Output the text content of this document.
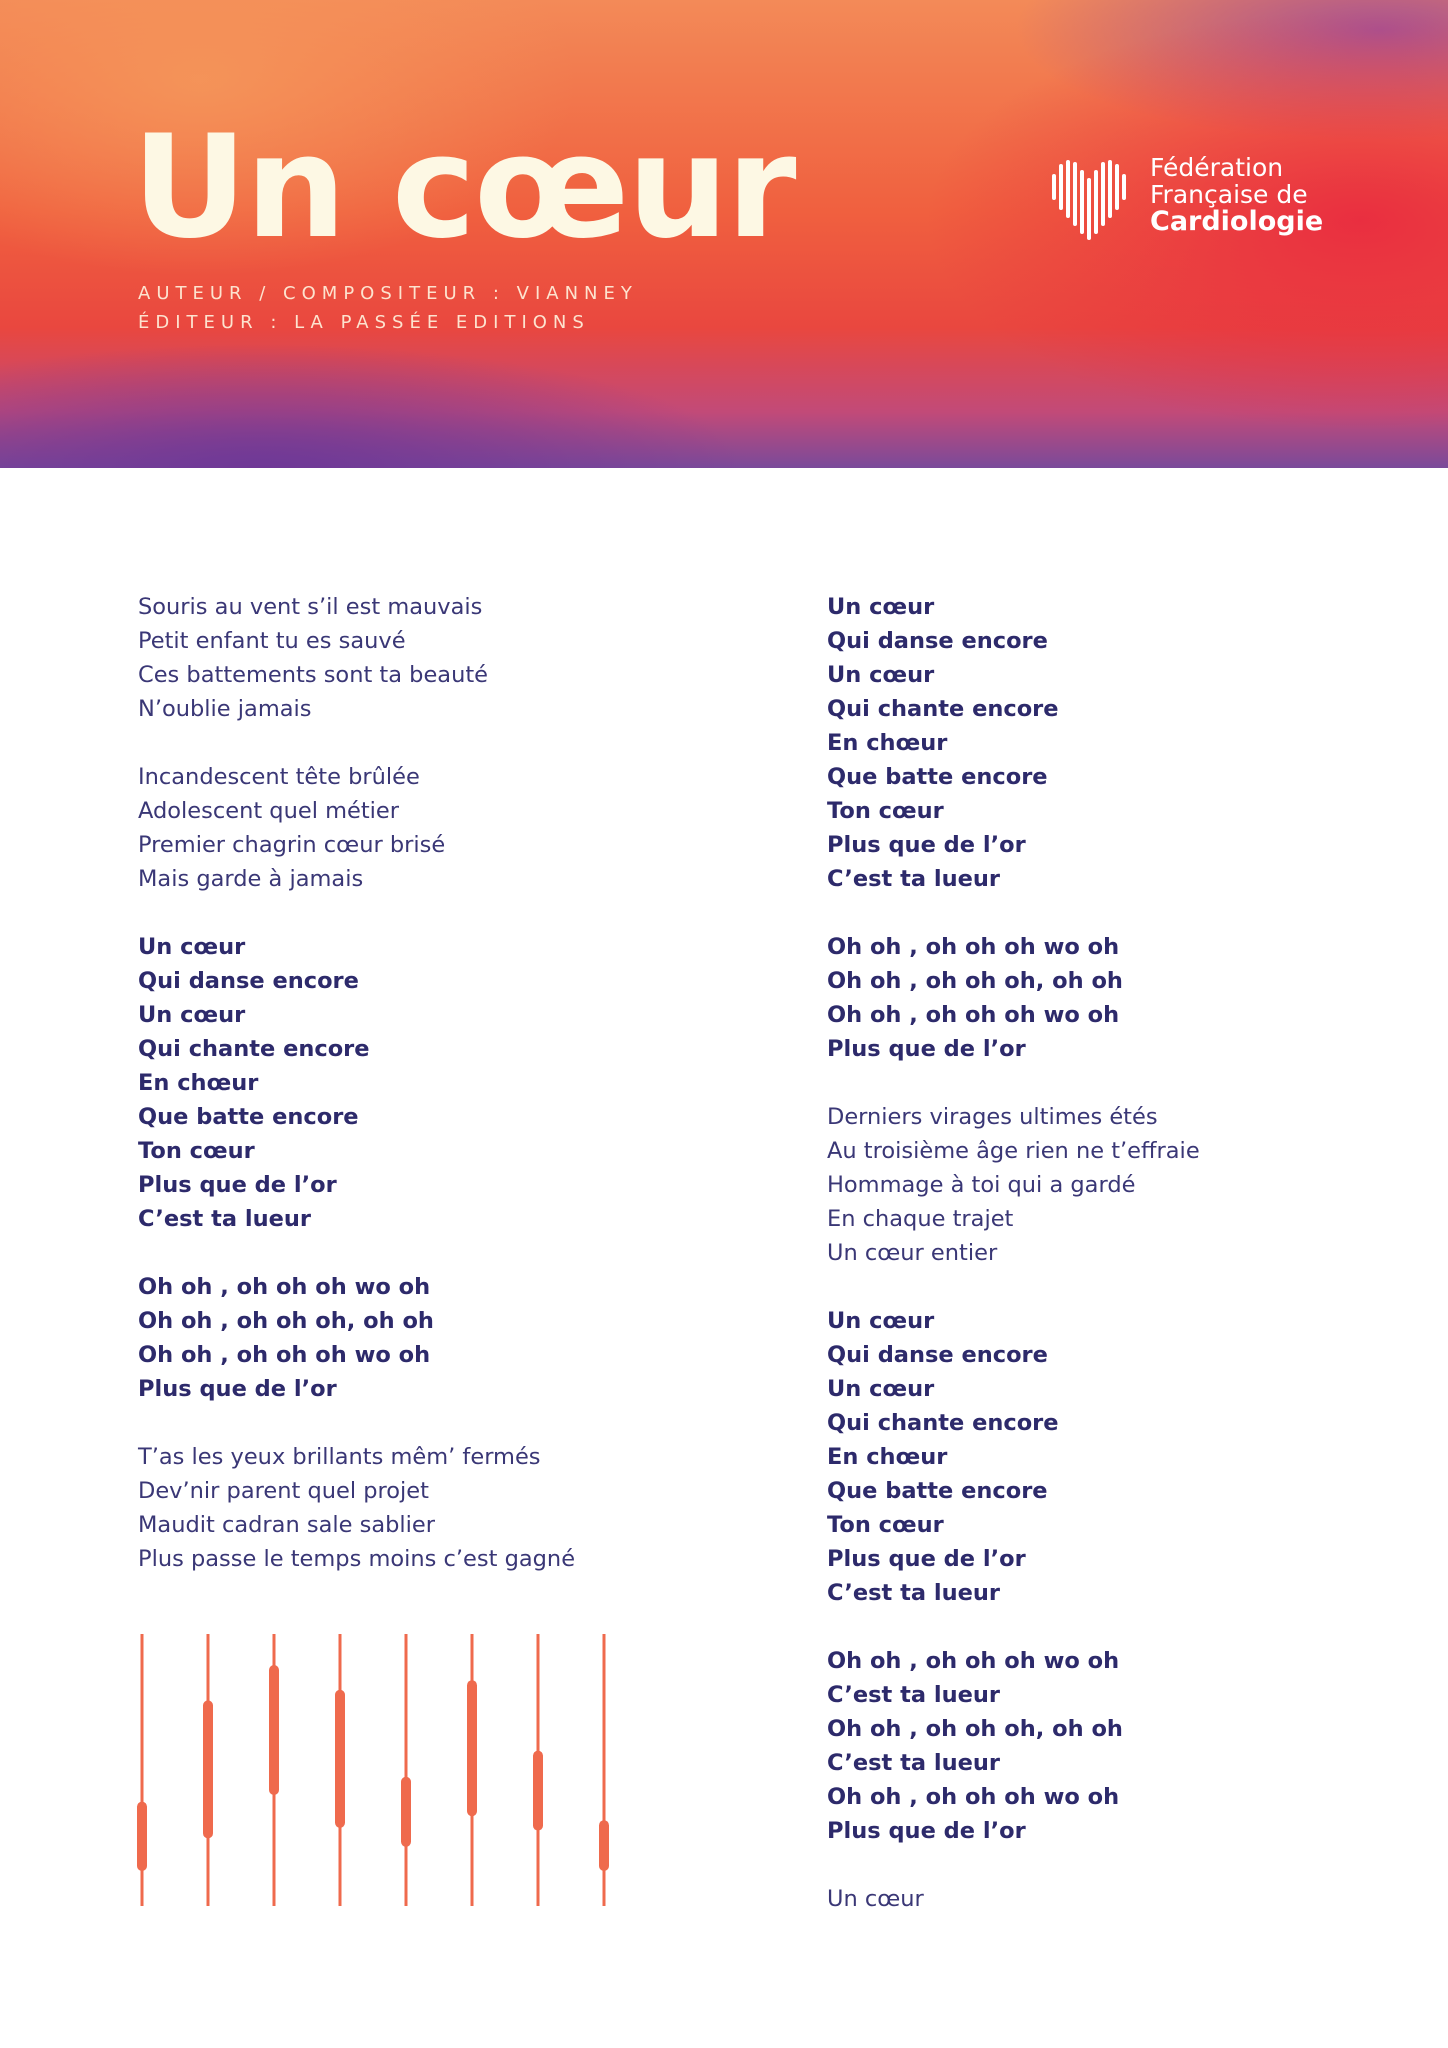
Un cœur
AUTEUR / COMPOSITEUR : VIANNEY
ÉDITEUR : LA PASSÉE EDITIONS
Fédération
Française de
Cardiologie
Souris au vent s’il est mauvais
Petit enfant tu es sauvé
Ces battements sont ta beauté
N’oublie jamais
Incandescent tête brûlée
Adolescent quel métier
Premier chagrin cœur brisé
Mais garde à jamais
Un cœur
Qui danse encore
Un cœur
Qui chante encore
En chœur
Que batte encore
Ton cœur
Plus que de l’or
C’est ta lueur
Oh oh , oh oh oh wo oh
Oh oh , oh oh oh, oh oh
Oh oh , oh oh oh wo oh
Plus que de l’or
T’as les yeux brillants mêm’ fermés
Dev’nir parent quel projet
Maudit cadran sale sablier
Plus passe le temps moins c’est gagné
Un cœur
Qui danse encore
Un cœur
Qui chante encore
En chœur
Que batte encore
Ton cœur
Plus que de l’or
C’est ta lueur
Oh oh , oh oh oh wo oh
Oh oh , oh oh oh, oh oh
Oh oh , oh oh oh wo oh
Plus que de l’or
Derniers virages ultimes étés
Au troisième âge rien ne t’effraie
Hommage à toi qui a gardé
En chaque trajet
Un cœur entier
Un cœur
Qui danse encore
Un cœur
Qui chante encore
En chœur
Que batte encore
Ton cœur
Plus que de l’or
C’est ta lueur
Oh oh , oh oh oh wo oh
C’est ta lueur
Oh oh , oh oh oh, oh oh
C’est ta lueur
Oh oh , oh oh oh wo oh
Plus que de l’or
Un cœur
